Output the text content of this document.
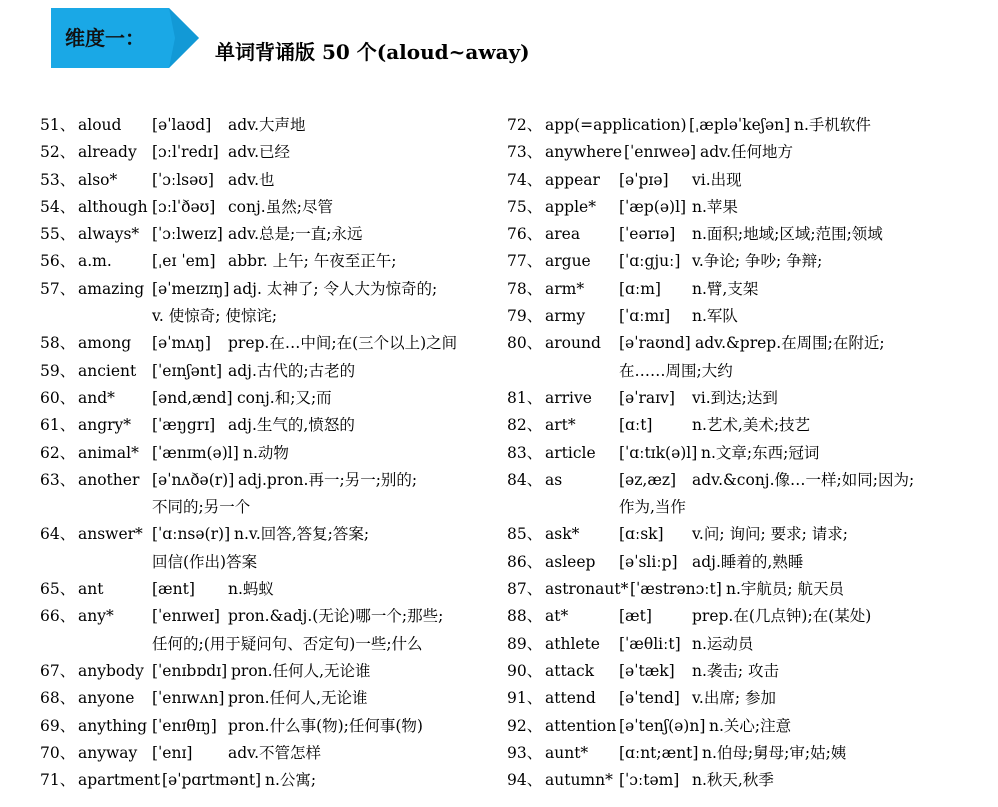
维度一：
单词背诵版 50 个(aloud~away)
51、 aloud [əˈlaʊd] adv.大声地
52、 already [ɔːlˈredɪ] adv.已经
53、 also* [ˈɔːlsəʊ] adv.也
54、 although [ɔːlˈðəʊ] conj.虽然;尽管
55、 always* [ˈɔːlweɪz] adv.总是;一直;永远
56、 a.m.	[ˌeɪ ˈem] abbr. 上午; 午夜至正午;
57、 amazing [əˈmeɪzɪŋ] adj. 太神了; 令人大为惊奇的;
v. 使惊奇; 使惊诧;
58、 among [əˈmʌŋ] prep.在…中间;在(三个以上)之间
59、 ancient [ˈeɪnʃənt] adj.古代的;古老的
60、 and* [ənd,ænd] conj.和;又;而
61、 angry* [ˈæŋgrɪ] adj.生气的,愤怒的
62、 animal* [ˈænɪm(ə)l] n.动物
63、 another [əˈnʌðə(r)] adj.pron.再一;另一;别的;
不同的;另一个
64、 answer* [ˈɑːnsə(r)] n.v.回答,答复;答案;
回信(作出)答案
65、 ant	[ænt] n.蚂蚁
66、 any* [ˈenɪweɪ] pron.&adj.(无论)哪一个;那些;
任何的;(用于疑问句、否定句)一些;什么
67、 anybody [ˈenɪbɒdɪ] pron.任何人,无论谁
68、 anyone [ˈenɪwʌn] pron.任何人,无论谁
69、 anything [ˈenɪθɪŋ] pron.什么事(物);任何事(物)
70、 anyway [ˈenɪ] adv.不管怎样
71、 apartment [əˈpɑrtmənt] n.公寓;
72、 app(=application) [ˌæpləˈkeʃən] n.手机软件
73、 anywhere [ˈenɪweə] adv.任何地方
74、 appear [əˈpɪə] vi.出现
75、 apple* [ˈæp(ə)l] n.苹果
76、 area	[ˈeərɪə] n.面积;地域;区域;范围;领域
77、 argue [ˈɑːgjuː] v.争论; 争吵; 争辩;
78、 arm* [ɑːm] n.臂,支架
79、 army [ˈɑːmɪ] n.军队
80、 around [əˈraʊnd] adv.&prep.在周围;在附近;
在……周围;大约
81、 arrive [əˈraɪv] vi.到达;达到
82、 art*	[ɑːt]	n.艺术,美术;技艺
83、 article [ˈɑːtɪk(ə)l] n.文章;东西;冠词
84、 as	[əz,æz] adv.&conj.像…一样;如同;因为;
作为,当作
85、 ask*	[ɑːsk] v.问; 询问; 要求; 请求;
86、 asleep [əˈsliːp] adj.睡着的,熟睡
87、 astronaut* [ˈæstrənɔːt] n.宇航员; 航天员
88、 at*	[æt]	prep.在(几点钟);在(某处)
89、 athlete [ˈæθliːt] n.运动员
90、 attack [əˈtæk] n.袭击; 攻击
91、 attend [əˈtend] v.出席; 参加
92、 attention [əˈtenʃ(ə)n] n.关心;注意
93、 aunt* [ɑːnt;ænt] n.伯母;舅母;审;姑;姨
94、 autumn* [ˈɔːtəm] n.秋天,秋季
